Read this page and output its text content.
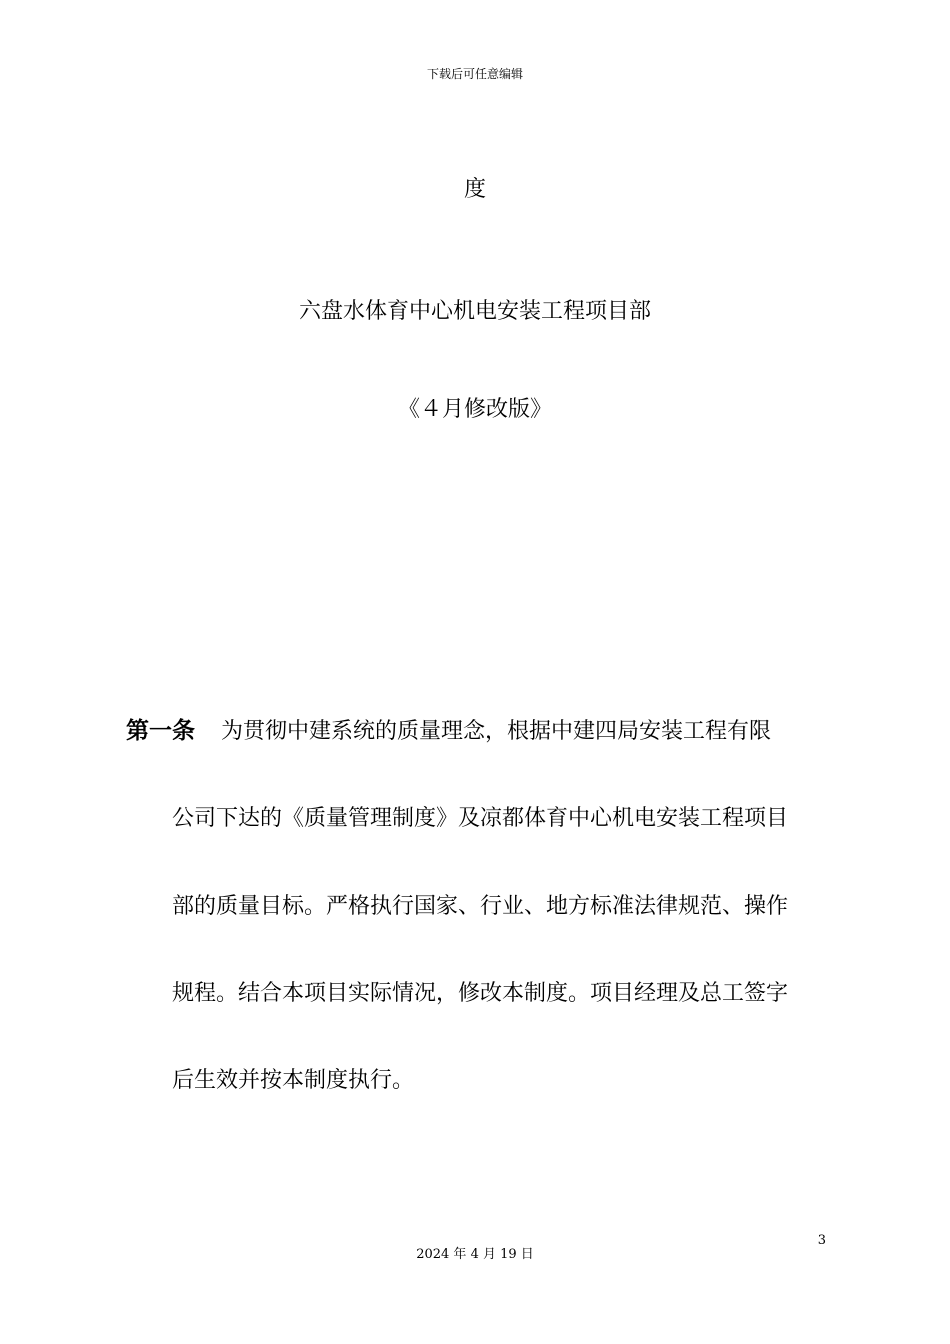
下载后可任意编辑
度
六盘水体育中心机电安装工程项目部
《４月修改版》
第一条 为贯彻中建系统的质量理念，根据中建四局安装工程有限
公司下达的《质量管理制度》及凉都体育中心机电安装工程项目
部的质量目标。严格执行国家、行业、地方标准法律规范、操作
规程。结合本项目实际情况，修改本制度。项目经理及总工签字
后生效并按本制度执行。
3
2024 年 4 月 19 日
